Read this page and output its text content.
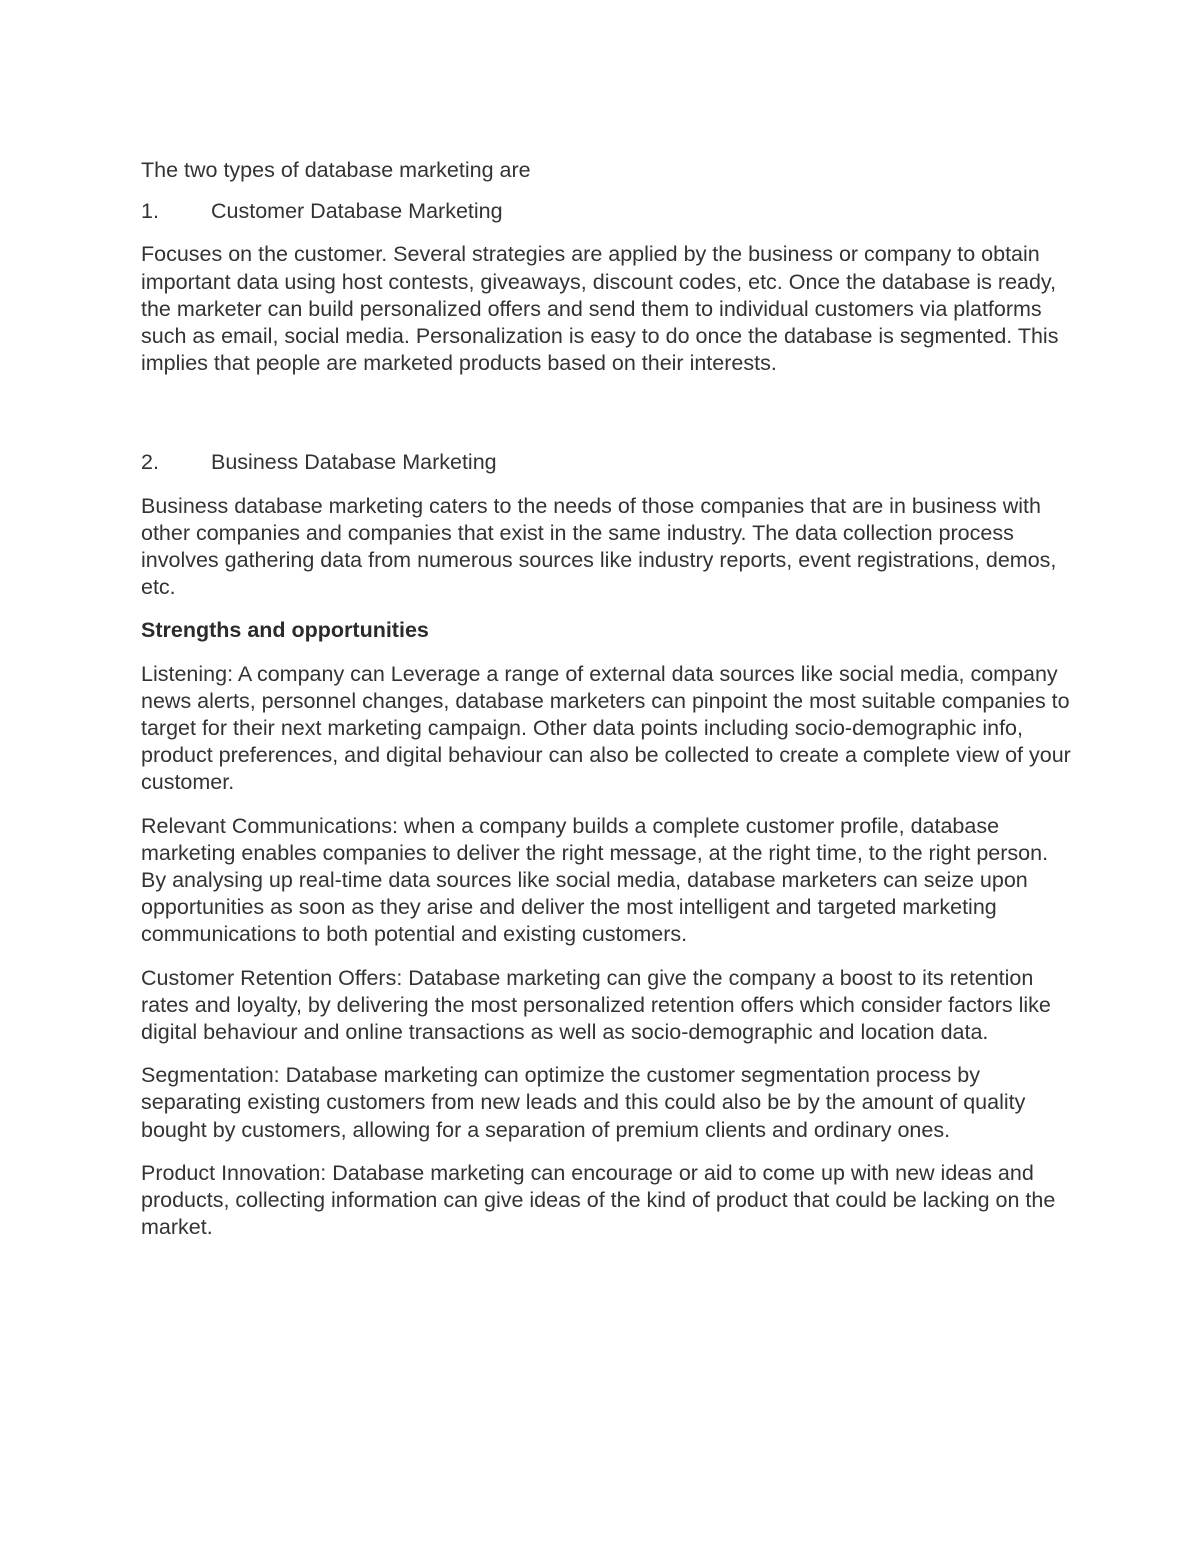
The two types of database marketing are

1.	Customer Database Marketing

Focuses on the customer. Several strategies are applied by the business or company to obtain important data using host contests, giveaways, discount codes, etc. Once the database is ready, the marketer can build personalized offers and send them to individual customers via platforms such as email, social media. Personalization is easy to do once the database is segmented. This implies that people are marketed products based on their interests.

2.	Business Database Marketing

Business database marketing caters to the needs of those companies that are in business with other companies and companies that exist in the same industry. The data collection process involves gathering data from numerous sources like industry reports, event registrations, demos, etc.

Strengths and opportunities

Listening: A company can Leverage a range of external data sources like social media, company news alerts, personnel changes, database marketers can pinpoint the most suitable companies to target for their next marketing campaign. Other data points including socio-demographic info, product preferences, and digital behaviour can also be collected to create a complete view of your customer.

Relevant Communications: when a company builds a complete customer profile, database marketing enables companies to deliver the right message, at the right time, to the right person. By analysing up real-time data sources like social media, database marketers can seize upon opportunities as soon as they arise and deliver the most intelligent and targeted marketing communications to both potential and existing customers.

Customer Retention Offers: Database marketing can give the company a boost to its retention rates and loyalty, by delivering the most personalized retention offers which consider factors like digital behaviour and online transactions as well as socio-demographic and location data.

Segmentation: Database marketing can optimize the customer segmentation process by separating existing customers from new leads and this could also be by the amount of quality bought by customers, allowing for a separation of premium clients and ordinary ones.

Product Innovation: Database marketing can encourage or aid to come up with new ideas and products, collecting information can give ideas of the kind of product that could be lacking on the market.
